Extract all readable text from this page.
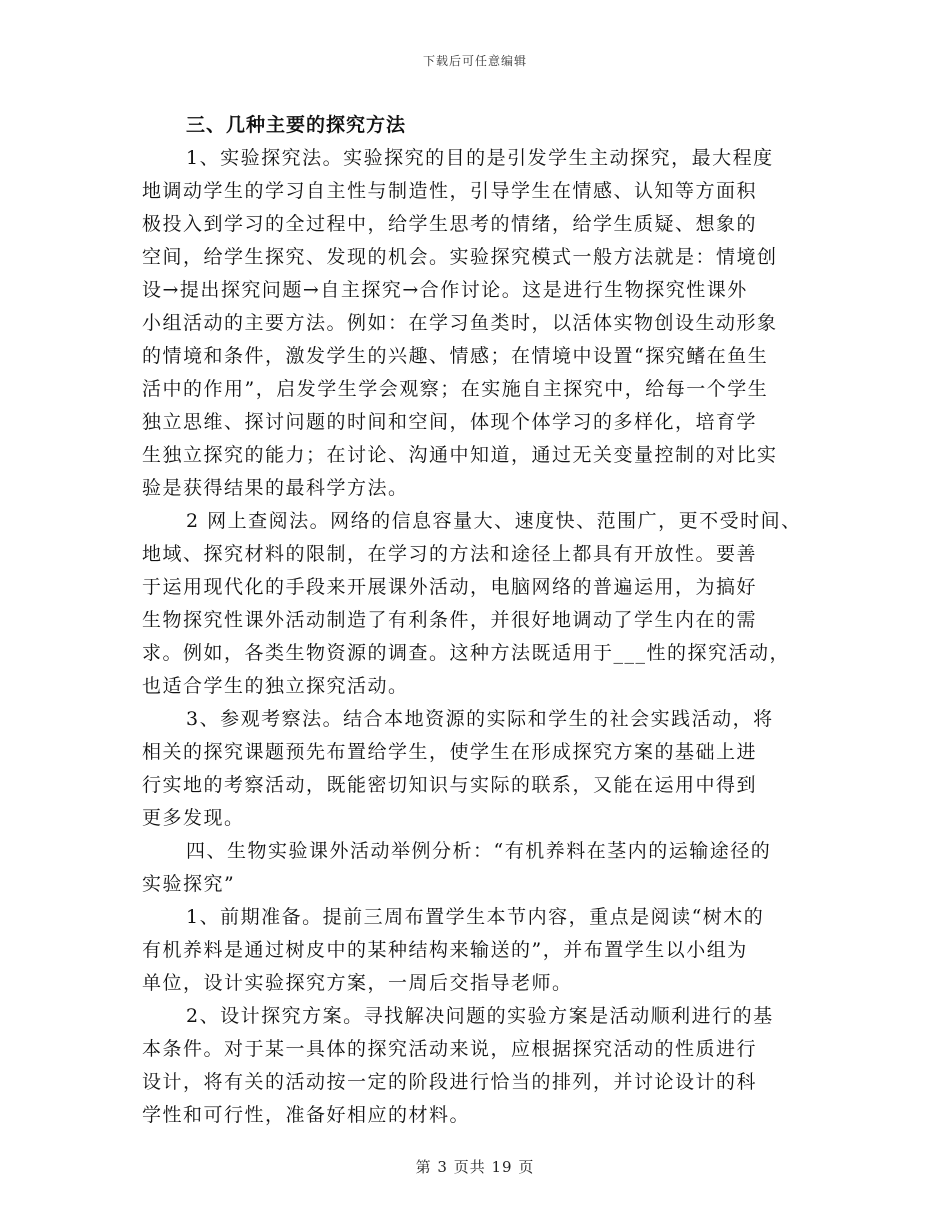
下载后可任意编辑
三、几种主要的探究方法
1、实验探究法。实验探究的目的是引发学生主动探究，最大程度
地调动学生的学习自主性与制造性，引导学生在情感、认知等方面积
极投入到学习的全过程中，给学生思考的情绪，给学生质疑、想象的
空间，给学生探究、发现的机会。实验探究模式一般方法就是：情境创
设→提出探究问题→自主探究→合作讨论。这是进行生物探究性课外
小组活动的主要方法。例如：在学习鱼类时，以活体实物创设生动形象
的情境和条件，激发学生的兴趣、情感；在情境中设置“探究鳍在鱼生
活中的作用”，启发学生学会观察；在实施自主探究中，给每一个学生
独立思维、探讨问题的时间和空间，体现个体学习的多样化，培育学
生独立探究的能力；在讨论、沟通中知道，通过无关变量控制的对比实
验是获得结果的最科学方法。
2 网上查阅法。网络的信息容量大、速度快、范围广，更不受时间、
地域、探究材料的限制，在学习的方法和途径上都具有开放性。要善
于运用现代化的手段来开展课外活动，电脑网络的普遍运用，为搞好
生物探究性课外活动制造了有利条件，并很好地调动了学生内在的需
求。例如，各类生物资源的调查。这种方法既适用于___性的探究活动，
也适合学生的独立探究活动。
3、参观考察法。结合本地资源的实际和学生的社会实践活动，将
相关的探究课题预先布置给学生，使学生在形成探究方案的基础上进
行实地的考察活动，既能密切知识与实际的联系，又能在运用中得到
更多发现。
四、生物实验课外活动举例分析：“有机养料在茎内的运输途径的
实验探究”
1、前期准备。提前三周布置学生本节内容，重点是阅读“树木的
有机养料是通过树皮中的某种结构来输送的”，并布置学生以小组为
单位，设计实验探究方案，一周后交指导老师。
2、设计探究方案。寻找解决问题的实验方案是活动顺利进行的基
本条件。对于某一具体的探究活动来说，应根据探究活动的性质进行
设计，将有关的活动按一定的阶段进行恰当的排列，并讨论设计的科
学性和可行性，准备好相应的材料。
第 3 页共 19 页
